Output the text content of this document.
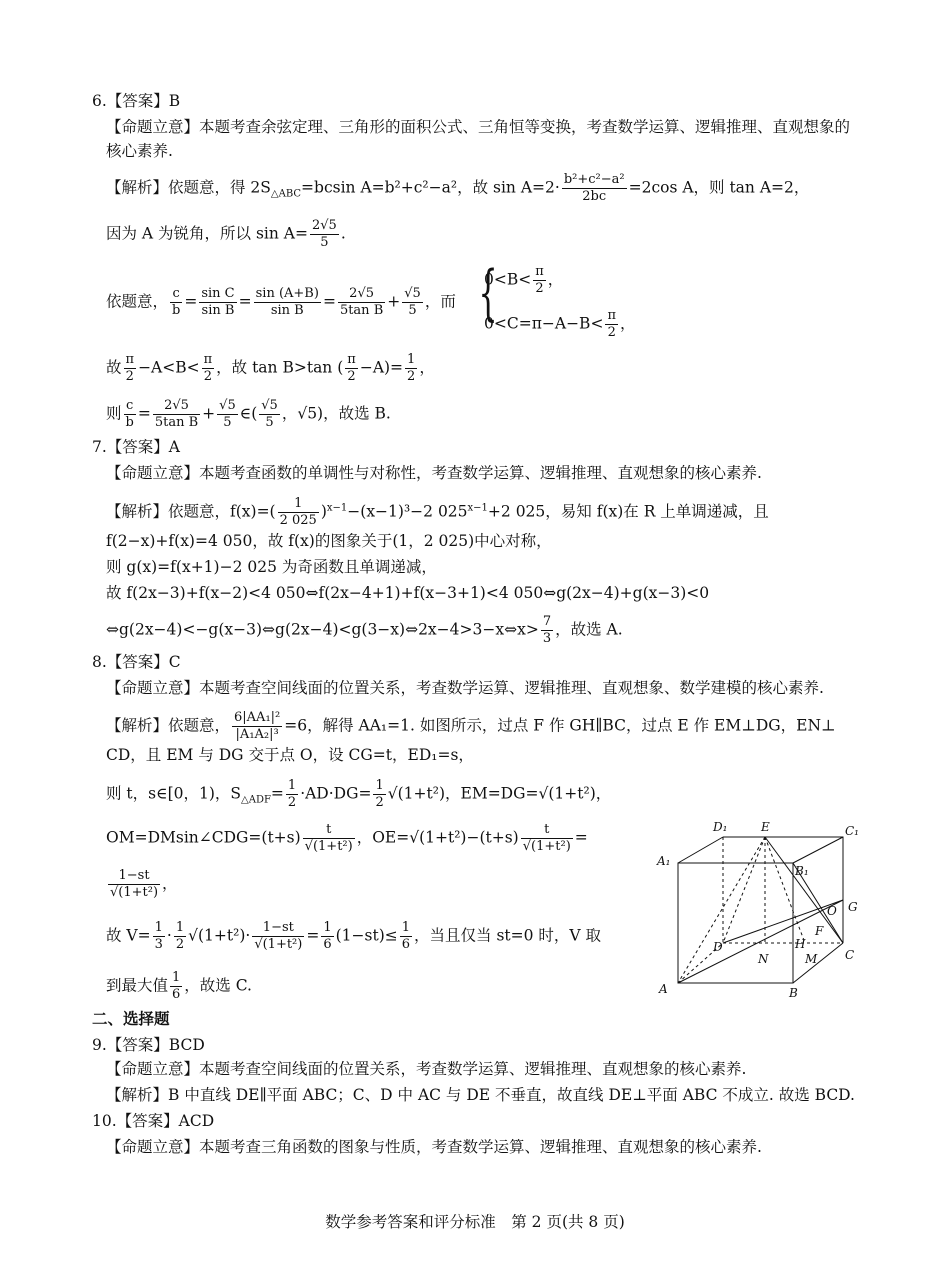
6.【答案】B
【命题立意】本题考查余弦定理、三角形的面积公式、三角恒等变换，考查数学运算、逻辑推理、直观想象的
核心素养.
【解析】依题意，得 $2S_{\triangle ABC}=bcsin$ A=b²+c²−a²，故 $\sin A=2\cdot \frac{\text{b²+c²−a²}}{2bc} =2\cos$ A，则 tan A=2，
因为 A 为锐角，所以 $\sin A= \frac{2√5}{5}$ .
依题意， $\frac{c}{b} = \frac{\text{sin C}}{\text{sin B}} = \frac{\sin (A+B)}{\text{sin B}} = \frac{2√5}{\text{5tan B}} + \frac{√5}{5}$ ，而 {
$0<B< \frac{\pi}{2}$ ，
$0<C=\pi-A-B< \frac{\pi}{2}$ ，
故 $\frac{\pi}{2} -A<B< \frac{\pi}{2}$ ，故 tan B>tan ( $\frac{\pi}{2} -A)= \frac{1}{2}$ ，
则 $\frac{c}{b} = \frac{2√5}{\text{5tan B}} + \frac{√5}{5}$ ∈( $\frac{√5}{5}$ ，√5)，故选 B.
7.【答案】A
【命题立意】本题考查函数的单调性与对称性，考查数学运算、逻辑推理、直观想象的核心素养.
【解析】依题意，$f(x)=( \frac{1}{2 025} )^{x-1}-(x-1)^3-2$ $025^{x-1}+2$ 025，易知 f(x)在 R 上单调递减，且
f(2−x)+f(x)=4 050，故 f(x)的图象关于(1，2 025)中心对称，
则 g(x)=f(x+1)−2 025 为奇函数且单调递减，
故 f(2x−3)+f(x−2)<4 050⇔f(2x−4+1)+f(x−3+1)<4 050⇔g(2x−4)+g(x−3)<0
⇔g(2x−4)<−g(x−3)⇔g(2x−4)<g(3−x)⇔2x−4>3−x⇔x> $\frac{7}{3}$ ，故选 A.
8.【答案】C
【命题立意】本题考查空间线面的位置关系，考查数学运算、逻辑推理、直观想象、数学建模的核心素养.
【解析】依题意， $\frac{\text{6|AA₁|²}}{\text{|A₁A₂|³}} =6$，解得 AA₁=1. 如图所示，过点 F 作 GH∥BC，过点 E 作 EM⊥DG，EN⊥
CD，且 EM 与 DG 交于点 O，设 CG=t，ED₁=s，
则 t，s∈[0，1)，$S_{\triangle ADF}= \frac{1}{2} \cdot AD\cdot DG= \frac{1}{2} √(1+t^2)$，EM=DG=√(1+t²)，
OM=DMsin∠CDG=(t+s) $\frac{t}{\text{√(1+t²)}}$ ，$OE=√(1+t^2)-(t+s) \frac{t}{\text{√(1+t²)}}$ =
$\frac{1-st}{\text{√(1+t²)}}$ ，
故 $V= \frac{1}{3} \cdot \frac{1}{2} √(1+t^2)\cdot \frac{1-st}{\text{√(1+t²)}} = \frac{1}{6} (1-st)\le \frac{1}{6}$ ，当且仅当 st=0 时，V 取
到最大值 $\frac{1}{6}$ ，故选 C.
D₁	E	C₁
A₁
B₁
G
O
F
D	H
N	M C
A	B
二、选择题
9.【答案】BCD
【命题立意】本题考查空间线面的位置关系，考查数学运算、逻辑推理、直观想象的核心素养.
【解析】B 中直线 DE∥平面 ABC；C、D 中 AC 与 DE 不垂直，故直线 DE⊥平面 ABC 不成立. 故选 BCD.
10.【答案】ACD
【命题立意】本题考查三角函数的图象与性质，考查数学运算、逻辑推理、直观想象的核心素养.
数学参考答案和评分标准　第 2 页(共 8 页)
